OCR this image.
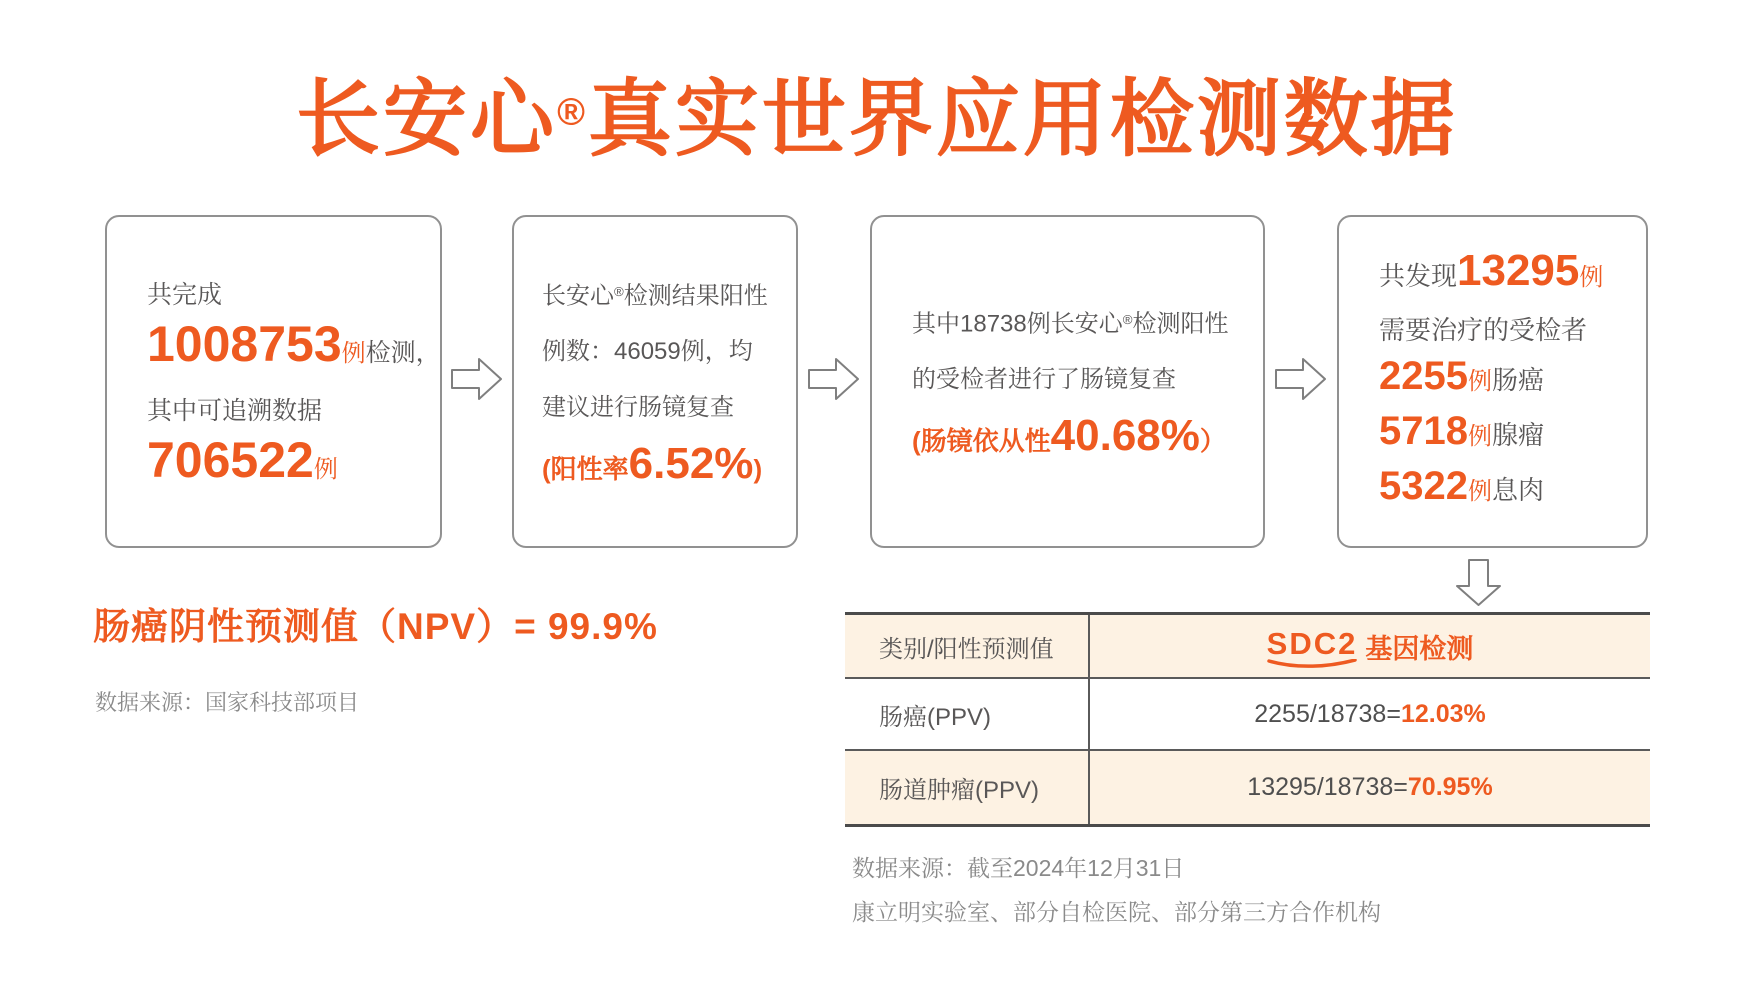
长安心®真实世界应用检测数据
共完成
1008753例检测，
其中可追溯数据
706522例
长安心®检测结果阳性
例数：46059例，均
建议进行肠镜复查
(阳性率6.52%)
其中18738例长安心®检测阳性
的受检者进行了肠镜复查
(肠镜依从性40.68%）
共发现13295例
需要治疗的受检者
2255例肠癌
5718例腺瘤
5322例息肉
肠癌阴性预测值（NPV）= 99.9%
数据来源：国家科技部项目
类别/阳性预测值	SDC2 基因检测
肠癌(PPV)	2255/18738= 12.03%
肠道肿瘤(PPV)	13295/18738= 70.95%
数据来源：截至2024年12月31日
康立明实验室、部分自检医院、部分第三方合作机构
